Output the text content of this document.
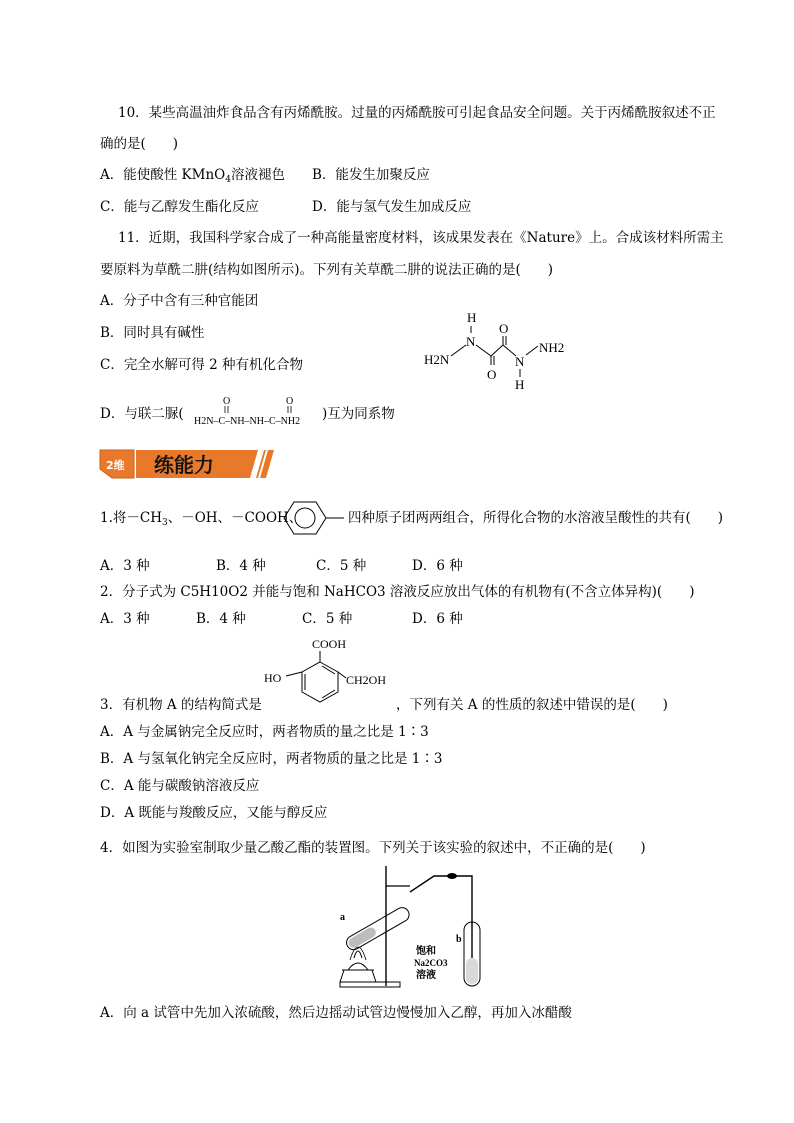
10．某些高温油炸食品含有丙烯酰胺。过量的丙烯酰胺可引起食品安全问题。关于丙烯酰胺叙述不正
确的是(　　)
A．能使酸性 KMnO$_4$溶液褪色 B．能发生加聚反应
C．能与乙醇发生酯化反应	D．能与氢气发生加成反应
11．近期，我国科学家合成了一种高能量密度材料，该成果发表在《Nature》上。合成该材料所需主
要原料为草酰二肼(结构如图所示)。下列有关草酰二肼的说法正确的是(　　)
A．分子中含有三种官能团
B．同时具有碱性
C．完全水解可得 2 种有机化合物
H
N
H2N
O
O
N
H
NH2
D．与联二脲(
O	O
H2N–C–NH–NH–C–NH2 )互为同系物
2维 练能力
1.将$-CH_3$、－OH、－COOH、	四种原子团两两组合，所得化合物的水溶液呈酸性的共有(　　)
A．3 种	B．4 种	C．5 种	D．6 种
2．分子式为 C5H10O2 并能与饱和 NaHCO3 溶液反应放出气体的有机物有(不含立体异构)(　　)
A．3 种	B．4 种	C．5 种	D．6 种
3．有机物 A 的结构简式是
COOH
HO	CH2OH
，下列有关 A 的性质的叙述中错误的是(　　)
A．A 与金属钠完全反应时，两者物质的量之比是 1∶3
B．A 与氢氧化钠完全反应时，两者物质的量之比是 1∶3
C．A 能与碳酸钠溶液反应
D．A 既能与羧酸反应，又能与醇反应
4．如图为实验室制取少量乙酸乙酯的装置图。下列关于该实验的叙述中，不正确的是(　　)
a
b
饱和
Na2CO3
溶液
A．向 a 试管中先加入浓硫酸，然后边摇动试管边慢慢加入乙醇，再加入冰醋酸
